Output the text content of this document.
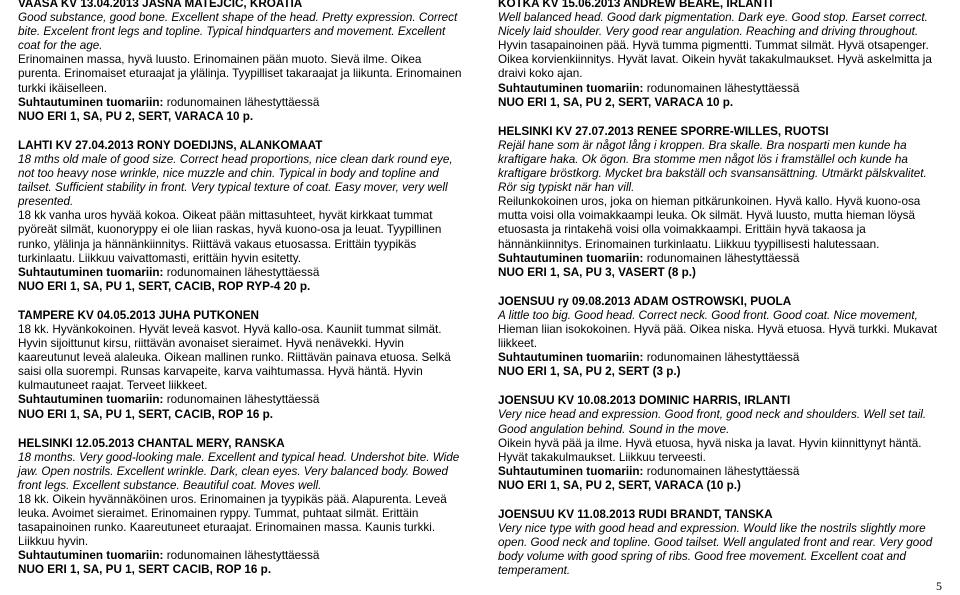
VAASA KV 13.04.2013 JASNA MATEJCIC, KROATIA

Good substance, good bone. Excellent shape of the head. Pretty expression. Correct bite. Excelent front legs and topline. Typical hindquarters and movement. Excellent coat for the age.

Erinomainen massa, hyvä luusto. Erinomainen pään muoto. Sievä ilme. Oikea purenta. Erinomaiset eturaajat ja ylälinja. Tyypilliset takaraajat ja liikunta. Erinomainen turkki ikäiselleen.

Suhtautuminen tuomariin: rodunomainen lähestyttäessä

NUO ERI 1, SA, PU 2, SERT, VARACA 10 p.

LAHTI KV 27.04.2013 RONY DOEDIJNS, ALANKOMAAT

18 mths old male of good size. Correct head proportions, nice clean dark round eye, not too heavy nose wrinkle, nice muzzle and chin. Typical in body and topline and tailset. Sufficient stability in front. Very typical texture of coat. Easy mover, very well presented.

18 kk vanha uros hyvää kokoa. Oikeat pään mittasuhteet, hyvät kirkkaat tummat pyöreät silmät, kuonoryppy ei ole liian raskas, hyvä kuono-osa ja leuat. Tyypillinen runko, ylälinja ja hännänkiinnitys. Riittävä vakaus etuosassa. Erittäin tyypikäs turkinlaatu. Liikkuu vaivattomasti, erittäin hyvin esitetty.

Suhtautuminen tuomariin: rodunomainen lähestyttäessä

NUO ERI 1, SA, PU 1, SERT, CACIB, ROP RYP-4 20 p.

TAMPERE KV 04.05.2013 JUHA PUTKONEN

18 kk. Hyvänkokoinen. Hyvät leveä kasvot. Hyvä kallo-osa. Kauniit tummat silmät. Hyvin sijoittunut kirsu, riittävän avonaiset sieraimet. Hyvä nenävekki. Hyvin kaareutunut leveä alaleuka. Oikean mallinen runko. Riittävän painava etuosa. Selkä saisi olla suorempi. Runsas karvapeite, karva vaihtumassa. Hyvä häntä. Hyvin kulmautuneet raajat. Terveet liikkeet.

Suhtautuminen tuomariin: rodunomainen lähestyttäessä

NUO ERI 1, SA, PU 1, SERT, CACIB, ROP 16 p.

HELSINKI 12.05.2013 CHANTAL MERY, RANSKA

18 months. Very good-looking male. Excellent and typical head. Undershot bite. Wide jaw. Open nostrils. Excellent wrinkle. Dark, clean eyes. Very balanced body. Bowed front legs. Excellent substance. Beautiful coat. Moves well.

18 kk. Oikein hyvännäköinen uros. Erinomainen ja tyypikäs pää. Alapurenta. Leveä leuka. Avoimet sieraimet. Erinomainen ryppy. Tummat, puhtaat silmät. Erittäin tasapainoinen runko. Kaareutuneet eturaajat. Erinomainen massa. Kaunis turkki. Liikkuu hyvin.

Suhtautuminen tuomariin: rodunomainen lähestyttäessä

NUO ERI 1, SA, PU 1, SERT CACIB, ROP 16 p.

KOTKA KV 15.06.2013 ANDREW BEARE, IRLANTI

Well balanced head. Good dark pigmentation. Dark eye. Good stop. Earset correct. Nicely laid shoulder. Very good rear angulation. Reaching and driving throughout.

Hyvin tasapainoinen pää. Hyvä tumma pigmentti. Tummat silmät. Hyvä otsapenger. Oikea korvienkiinnitys. Hyvät lavat. Oikein hyvät takakulmaukset. Hyvä askelmitta ja draivi koko ajan.

Suhtautuminen tuomariin: rodunomainen lähestyttäessä

NUO ERI 1, SA, PU 2, SERT, VARACA 10 p.

HELSINKI KV 27.07.2013 RENEE SPORRE-WILLES, RUOTSI

Rejäl hane som är något lång i kroppen. Bra skalle. Bra nosparti men kunde ha kraftigare haka. Ok ögon. Bra stomme men något lös i framställel och kunde ha kraftigare bröstkorg. Mycket bra bakställ och svansansättning. Utmärkt pälskvalitet. Rör sig typiskt när han vill.

Reilunkokoinen uros, joka on hieman pitkärunkoinen. Hyvä kallo. Hyvä kuono-osa mutta voisi olla voimakkaampi leuka. Ok silmät. Hyvä luusto, mutta hieman löysä etuosasta ja rintakehä voisi olla voimakkaampi. Erittäin hyvä takaosa ja hännänkiinnitys. Erinomainen turkinlaatu. Liikkuu tyypillisesti halutessaan.

Suhtautuminen tuomariin: rodunomainen lähestyttäessä

NUO ERI 1, SA, PU 3, VASERT (8 p.)

JOENSUU ry 09.08.2013 ADAM OSTROWSKI, PUOLA

A little too big. Good head. Correct neck. Good front. Good coat. Nice movement,

Hieman liian isokokoinen. Hyvä pää. Oikea niska. Hyvä etuosa. Hyvä turkki. Mukavat liikkeet.

Suhtautuminen tuomariin: rodunomainen lähestyttäessä

NUO ERI 1, SA, PU 2, SERT (3 p.)

JOENSUU KV 10.08.2013 DOMINIC HARRIS, IRLANTI

Very nice head and expression. Good front, good neck and shoulders. Well set tail. Good angulation behind. Sound in the move.

Oikein hyvä pää ja ilme. Hyvä etuosa, hyvä niska ja lavat. Hyvin kiinnittynyt häntä. Hyvät takakulmaukset. Liikkuu terveesti.

Suhtautuminen tuomariin: rodunomainen lähestyttäessä

NUO ERI 1, SA, PU 2, SERT, VARACA (10 p.)

JOENSUU KV 11.08.2013 RUDI BRANDT, TANSKA

Very nice type with good head and expression. Would like the nostrils slightly more open. Good neck and topline. Good tailset. Well angulated front and rear. Very good body volume with good spring of ribs. Good free movement. Excellent coat and temperament.

5
